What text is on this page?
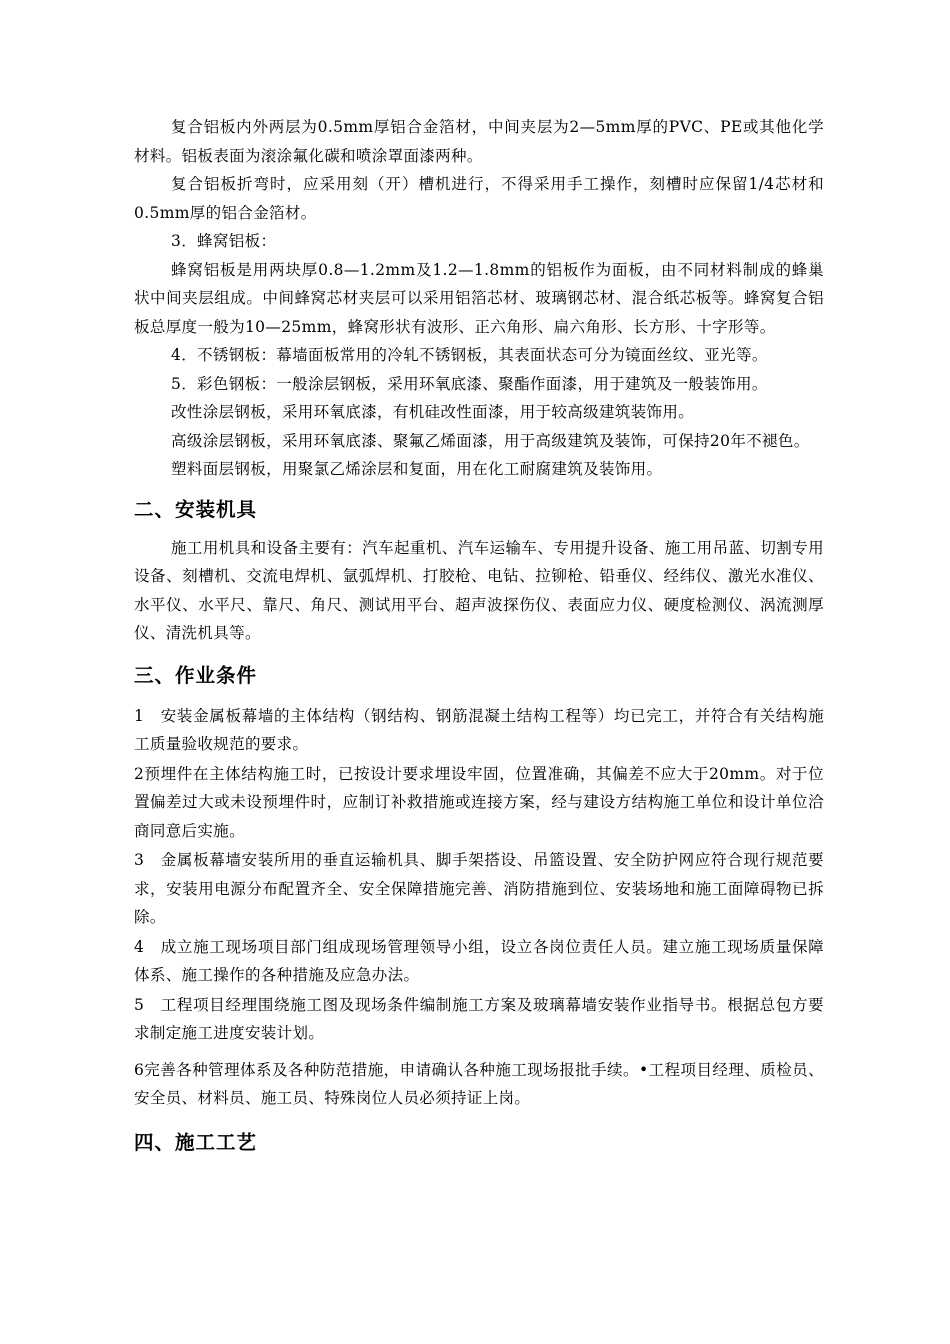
复合铝板内外两层为0.5mm厚铝合金箔材，中间夹层为2—5mm厚的PVC、PE或其他化学材料。铝板表面为滚涂氟化碳和喷涂罩面漆两种。

复合铝板折弯时，应采用刻（开）槽机进行，不得采用手工操作，刻槽时应保留1/4芯材和0.5mm厚的铝合金箔材。

3．蜂窝铝板：

蜂窝铝板是用两块厚0.8—1.2mm及1.2—1.8mm的铝板作为面板，由不同材料制成的蜂巢状中间夹层组成。中间蜂窝芯材夹层可以采用铝箔芯材、玻璃钢芯材、混合纸芯板等。蜂窝复合铝板总厚度一般为10—25mm，蜂窝形状有波形、正六角形、扁六角形、长方形、十字形等。

4．不锈钢板：幕墙面板常用的冷轧不锈钢板，其表面状态可分为镜面丝纹、亚光等。

5．彩色钢板：一般涂层钢板，采用环氧底漆、聚酯作面漆，用于建筑及一般装饰用。

改性涂层钢板，采用环氧底漆，有机硅改性面漆，用于较高级建筑装饰用。

高级涂层钢板，采用环氧底漆、聚氟乙烯面漆，用于高级建筑及装饰，可保持20年不褪色。

塑料面层钢板，用聚氯乙烯涂层和复面，用在化工耐腐建筑及装饰用。

二、安装机具

施工用机具和设备主要有：汽车起重机、汽车运输车、专用提升设备、施工用吊蓝、切割专用设备、刻槽机、交流电焊机、氩弧焊机、打胶枪、电钻、拉铆枪、铅垂仪、经纬仪、激光水准仪、水平仪、水平尺、靠尺、角尺、测试用平台、超声波探伤仪、表面应力仪、硬度检测仪、涡流测厚仪、清洗机具等。

三、作业条件

1　安装金属板幕墙的主体结构（钢结构、钢筋混凝土结构工程等）均已完工，并符合有关结构施工质量验收规范的要求。

2预埋件在主体结构施工时，已按设计要求埋设牢固，位置准确，其偏差不应大于20mm。对于位置偏差过大或未设预埋件时，应制订补救措施或连接方案，经与建设方结构施工单位和设计单位洽商同意后实施。

3　金属板幕墙安装所用的垂直运输机具、脚手架搭设、吊篮设置、安全防护网应符合现行规范要求，安装用电源分布配置齐全、安全保障措施完善、消防措施到位、安装场地和施工面障碍物已拆除。

4　成立施工现场项目部门组成现场管理领导小组，设立各岗位责任人员。建立施工现场质量保障体系、施工操作的各种措施及应急办法。

5　工程项目经理围绕施工图及现场条件编制施工方案及玻璃幕墙安装作业指导书。根据总包方要求制定施工进度安装计划。

6完善各种管理体系及各种防范措施，申请确认各种施工现场报批手续。•工程项目经理、质检员、安全员、材料员、施工员、特殊岗位人员必须持证上岗。

四、施工工艺
